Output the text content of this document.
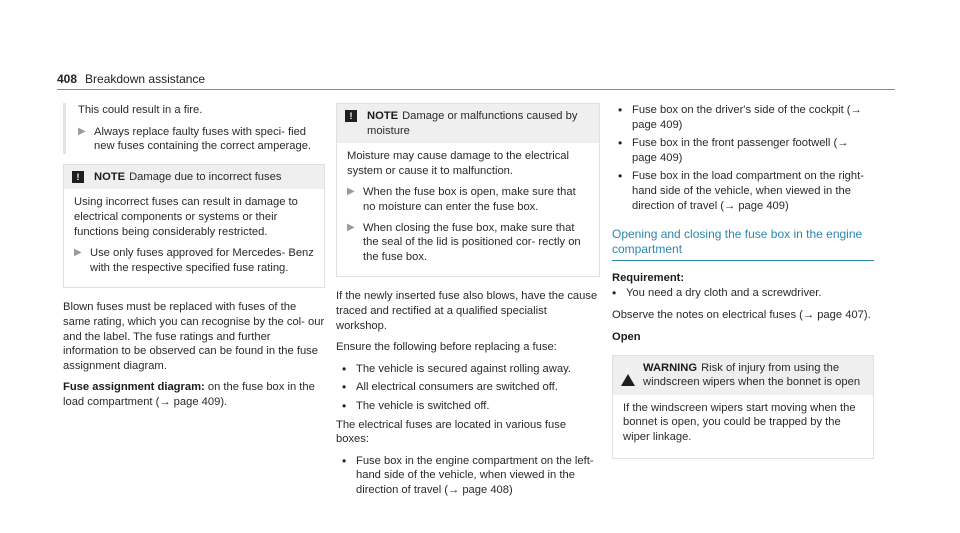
408 Breakdown assistance

This could result in a fire.

▶ Always replace faulty fuses with speci- fied new fuses containing the correct amperage.
!	NOTE Damage due to incorrect fuses

Using incorrect fuses can result in damage to electrical components or systems or their functions being considerably restricted.

▶ Use only fuses approved for Mercedes- Benz with the respective specified fuse rating.

Blown fuses must be replaced with fuses of the same rating, which you can recognise by the col- our and the label. The fuse ratings and further information to be observed can be found in the fuse assignment diagram.

Fuse assignment diagram: on the fuse box in the load compartment (→ page 409).

!	NOTE Damage or malfunctions caused by moisture

Moisture may cause damage to the electrical system or cause it to malfunction.

▶ When the fuse box is open, make sure that no moisture can enter the fuse box.
▶ When closing the fuse box, make sure that the seal of the lid is positioned cor- rectly on the fuse box.

If the newly inserted fuse also blows, have the cause traced and rectified at a qualified specialist workshop.

Ensure the following before replacing a fuse:

• The vehicle is secured against rolling away.
• All electrical consumers are switched off.
• The vehicle is switched off.

The electrical fuses are located in various fuse boxes:

• Fuse box in the engine compartment on the left-hand side of the vehicle, when viewed in the direction of travel (→ page 408)
• Fuse box on the driver's side of the cockpit (→ page 409)
• Fuse box in the front passenger footwell (→ page 409)
• Fuse box in the load compartment on the right-hand side of the vehicle, when viewed in the direction of travel (→ page 409)
Opening and closing the fuse box in the engine compartment
Requirement:
• You need a dry cloth and a screwdriver.

Observe the notes on electrical fuses (→ page 407).

Open

! WARNING Risk of injury from using the windscreen wipers when the bonnet is open

If the windscreen wipers start moving when the bonnet is open, you could be trapped by the wiper linkage.
